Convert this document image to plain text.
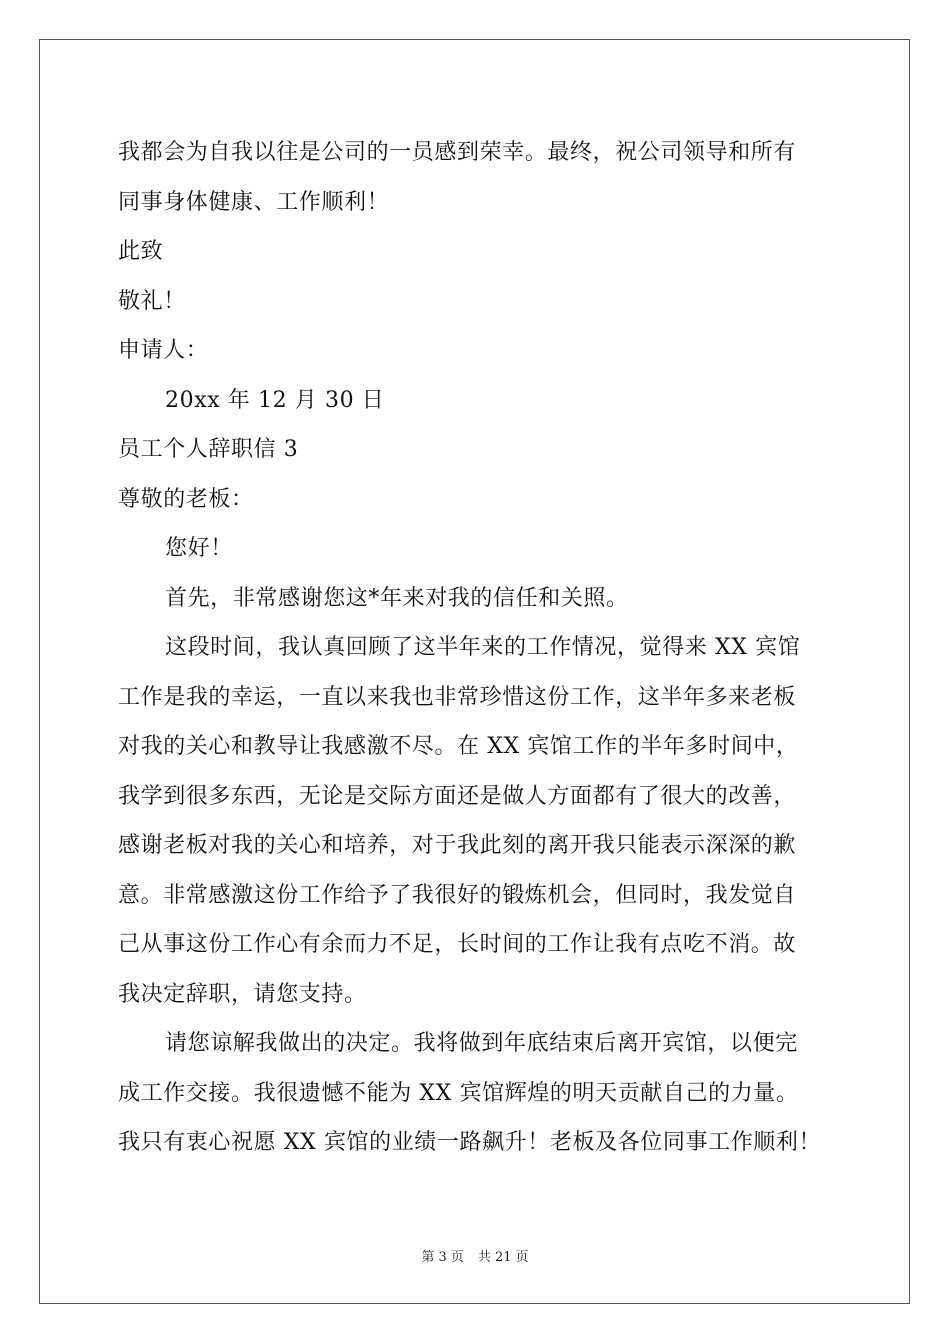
我都会为自我以往是公司的一员感到荣幸。最终，祝公司领导和所有
同事身体健康、工作顺利！
此致
敬礼！
申请人：
20xx 年 12 月 30 日
员工个人辞职信 3
尊敬的老板：
您好！
首先，非常感谢您这*年来对我的信任和关照。
这段时间，我认真回顾了这半年来的工作情况，觉得来 XX 宾馆
工作是我的幸运，一直以来我也非常珍惜这份工作，这半年多来老板
对我的关心和教导让我感激不尽。在 XX 宾馆工作的半年多时间中，
我学到很多东西，无论是交际方面还是做人方面都有了很大的改善，
感谢老板对我的关心和培养，对于我此刻的离开我只能表示深深的歉
意。非常感激这份工作给予了我很好的锻炼机会，但同时，我发觉自
己从事这份工作心有余而力不足，长时间的工作让我有点吃不消。故
我决定辞职，请您支持。
请您谅解我做出的决定。我将做到年底结束后离开宾馆，以便完
成工作交接。我很遗憾不能为 XX 宾馆辉煌的明天贡献自己的力量。
我只有衷心祝愿 XX 宾馆的业绩一路飙升！老板及各位同事工作顺利！
第 3 页 共 21 页
